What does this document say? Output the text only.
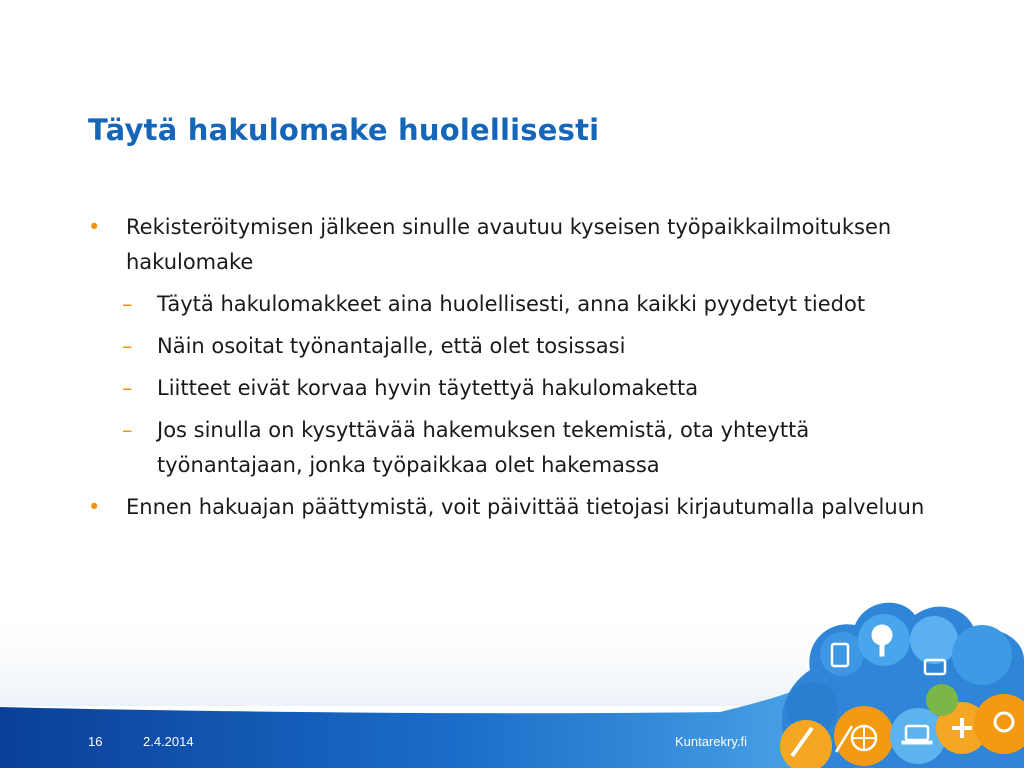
Täytä hakulomake huolellisesti
• Rekisteröitymisen jälkeen sinulle avautuu kyseisen työpaikkailmoituksen hakulomake
– Täytä hakulomakkeet aina huolellisesti, anna kaikki pyydetyt tiedot
– Näin osoitat työnantajalle, että olet tosissasi
– Liitteet eivät korvaa hyvin täytettyä hakulomaketta
– Jos sinulla on kysyttävää hakemuksen tekemistä, ota yhteyttä työnantajaan, jonka työpaikkaa olet hakemassa
• Ennen hakuajan päättymistä, voit päivittää tietojasi kirjautumalla palveluun
16	2.4.2014	Kuntarekry.fi
